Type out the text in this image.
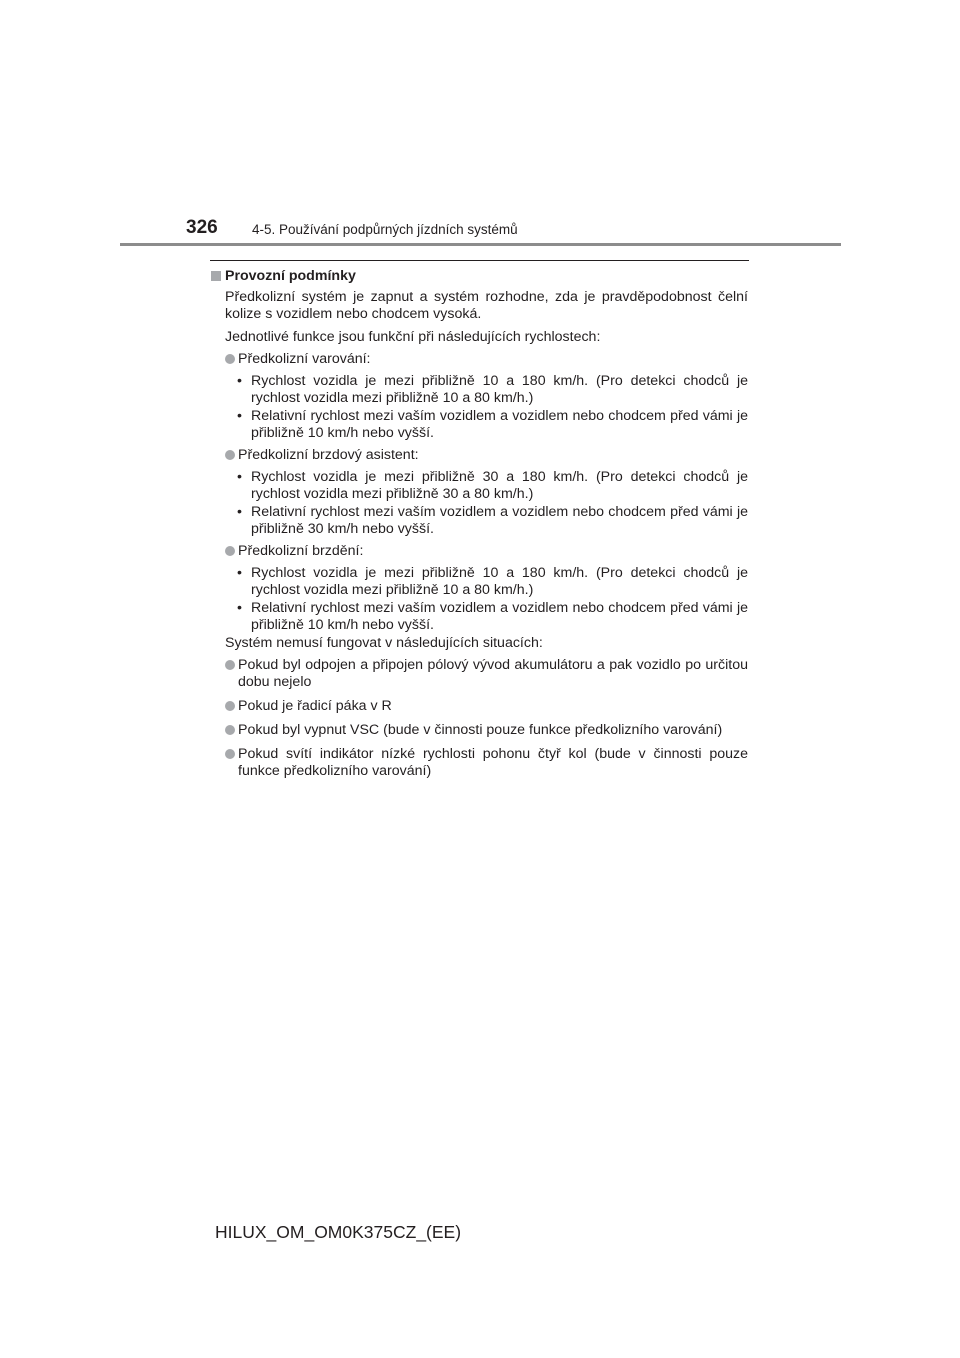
326	4-5. Používání podpůrných jízdních systémů
Provozní podmínky
Předkolizní systém je zapnut a systém rozhodne, zda je pravděpodobnost čelní kolize s vozidlem nebo chodcem vysoká.
Jednotlivé funkce jsou funkční při následujících rychlostech:
Předkolizní varování:
• Rychlost vozidla je mezi přibližně 10 a 180 km/h. (Pro detekci chodců je rychlost vozidla mezi přibližně 10 a 80 km/h.)
• Relativní rychlost mezi vaším vozidlem a vozidlem nebo chodcem před vámi je přibližně 10 km/h nebo vyšší.
Předkolizní brzdový asistent:
• Rychlost vozidla je mezi přibližně 30 a 180 km/h. (Pro detekci chodců je rychlost vozidla mezi přibližně 30 a 80 km/h.)
• Relativní rychlost mezi vaším vozidlem a vozidlem nebo chodcem před vámi je přibližně 30 km/h nebo vyšší.
Předkolizní brzdění:
• Rychlost vozidla je mezi přibližně 10 a 180 km/h. (Pro detekci chodců je rychlost vozidla mezi přibližně 10 a 80 km/h.)
• Relativní rychlost mezi vaším vozidlem a vozidlem nebo chodcem před vámi je přibližně 10 km/h nebo vyšší.
Systém nemusí fungovat v následujících situacích:
Pokud byl odpojen a připojen pólový vývod akumulátoru a pak vozidlo po určitou dobu nejelo
Pokud je řadicí páka v R
Pokud byl vypnut VSC (bude v činnosti pouze funkce předkolizního varování)
Pokud svítí indikátor nízké rychlosti pohonu čtyř kol (bude v činnosti pouze funkce předkolizního varování)
HILUX_OM_OM0K375CZ_(EE)
